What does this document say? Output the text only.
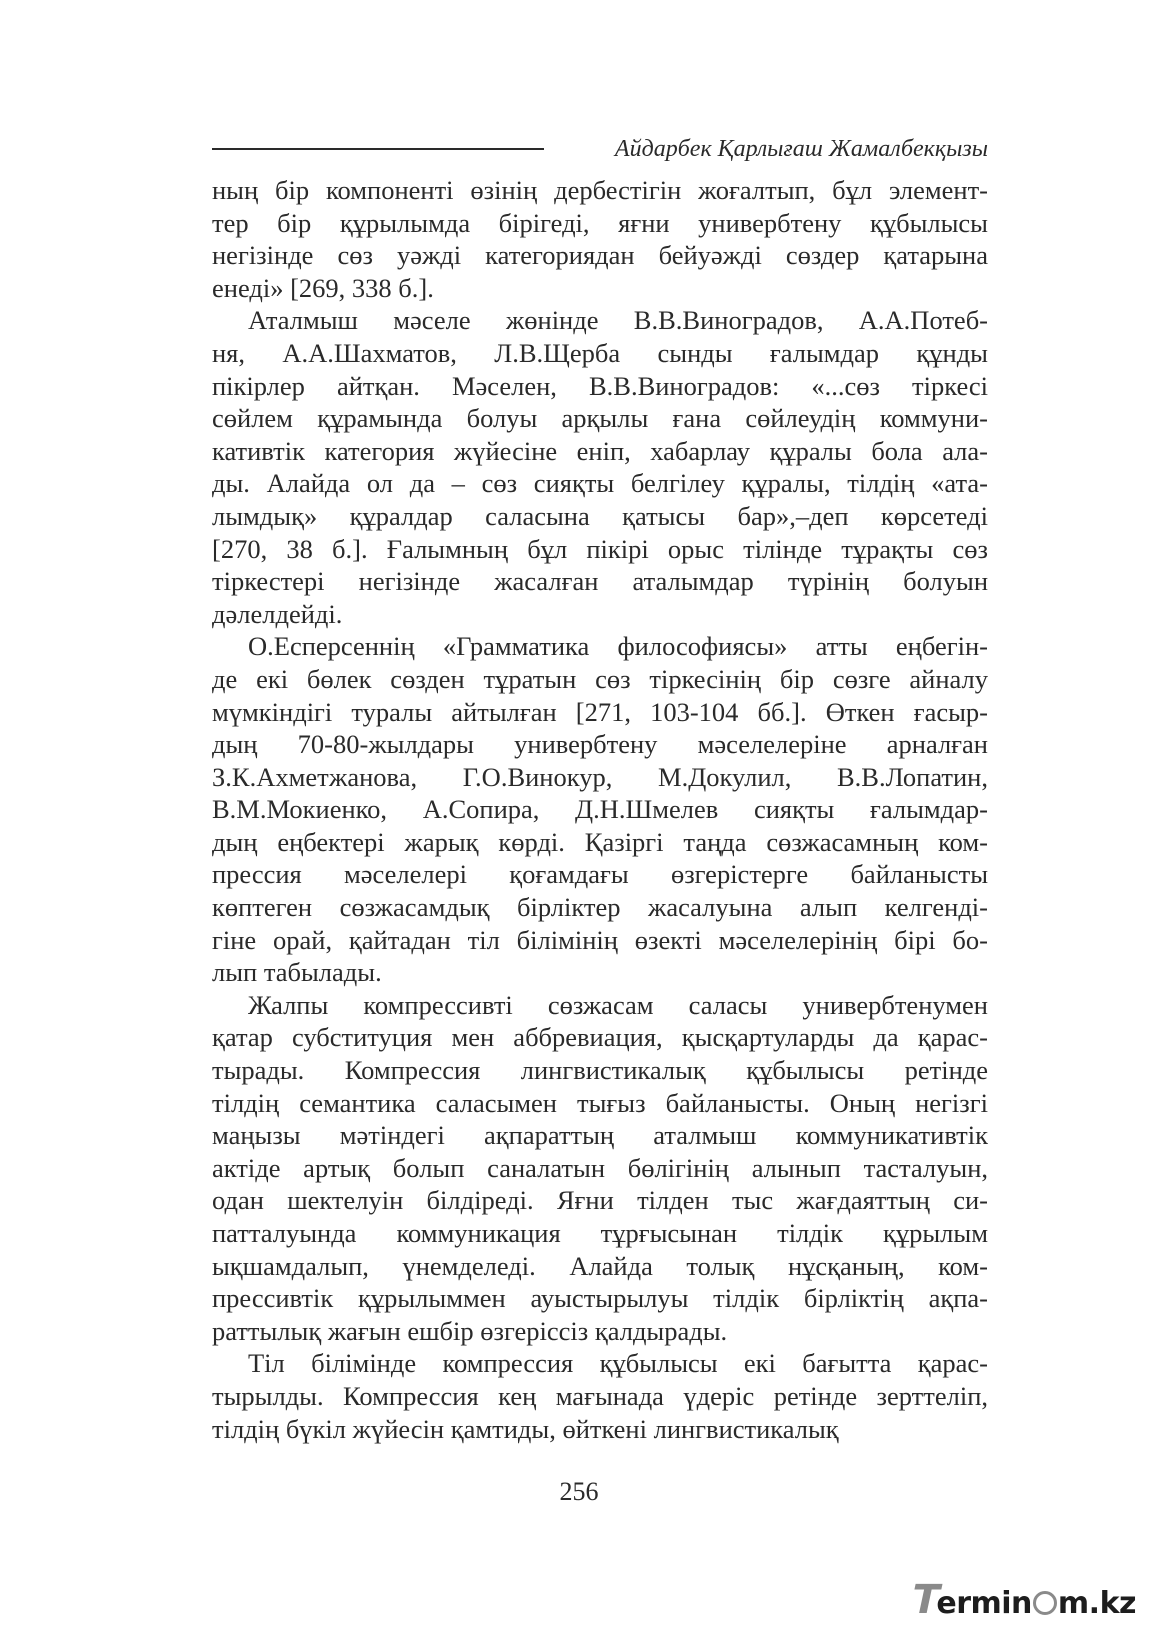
Айдарбек Қарлығаш Жамалбекқызы

ның бір компоненті өзінің дербестігін жоғалтып, бұл элемент-
тер бір құрылымда бірігеді, яғни универбтену құбылысы
негізінде сөз уәжді категориядан бейуәжді сөздер қатарына
енеді» [269, 338 б.].

Аталмыш мәселе жөнінде В.В.Виноградов, А.А.Потеб-
ня, А.А.Шахматов, Л.В.Щерба сынды ғалымдар құнды
пікірлер айтқан. Мәселен, В.В.Виноградов: «...сөз тіркесі
сөйлем құрамында болуы арқылы ғана сөйлеудің коммуни-
кативтік категория жүйесіне еніп, хабарлау құралы бола ала-
ды. Алайда ол да – сөз сияқты белгілеу құралы, тілдің «ата-
лымдық» құралдар саласына қатысы бар»,–деп көрсетеді
[270, 38 б.]. Ғалымның бұл пікірі орыс тілінде тұрақты сөз
тіркестері негізінде жасалған аталымдар түрінің болуын
дәлелдейді.

О.Есперсеннің «Грамматика философиясы» атты еңбегін-
де екі бөлек сөзден тұратын сөз тіркесінің бір сөзге айналу
мүмкіндігі туралы айтылған [271, 103-104 бб.]. Өткен ғасыр-
дың 70-80-жылдары универбтену мәселелеріне арналған
З.К.Ахметжанова, Г.О.Винокур, М.Докулил, В.В.Лопатин,
В.М.Мокиенко, А.Сопира, Д.Н.Шмелев сияқты ғалымдар-
дың еңбектері жарық көрді. Қазіргі таңда сөзжасамның ком-
прессия мәселелері қоғамдағы өзгерістерге байланысты
көптеген сөзжасамдық бірліктер жасалуына алып келгенді-
гіне орай, қайтадан тіл білімінің өзекті мәселелерінің бірі бо-
лып табылады.

Жалпы компрессивті сөзжасам саласы универбтенумен
қатар субституция мен аббревиация, қысқартуларды да қарас-
тырады. Компрессия лингвистикалық құбылысы ретінде
тілдің семантика саласымен тығыз байланысты. Оның негізгі
маңызы мәтіндегі ақпараттың аталмыш коммуникативтік
актіде артық болып саналатын бөлігінің алынып тасталуын,
одан шектелуін білдіреді. Яғни тілден тыс жағдаяттың си-
патталуында коммуникация тұрғысынан тілдік құрылым
ықшамдалып, үнемделеді. Алайда толық нұсқаның, ком-
прессивтік құрылыммен ауыстырылуы тілдік бірліктің ақпа-
раттылық жағын ешбір өзгеріссіз қалдырады.

Тіл білімінде компрессия құбылысы екі бағытта қарас-
тырылды. Компрессия кең мағынада үдеріс ретінде зерттеліп,
тілдің бүкіл жүйесін қамтиды, өйткені лингвистикалық

256
Termin m.kz
